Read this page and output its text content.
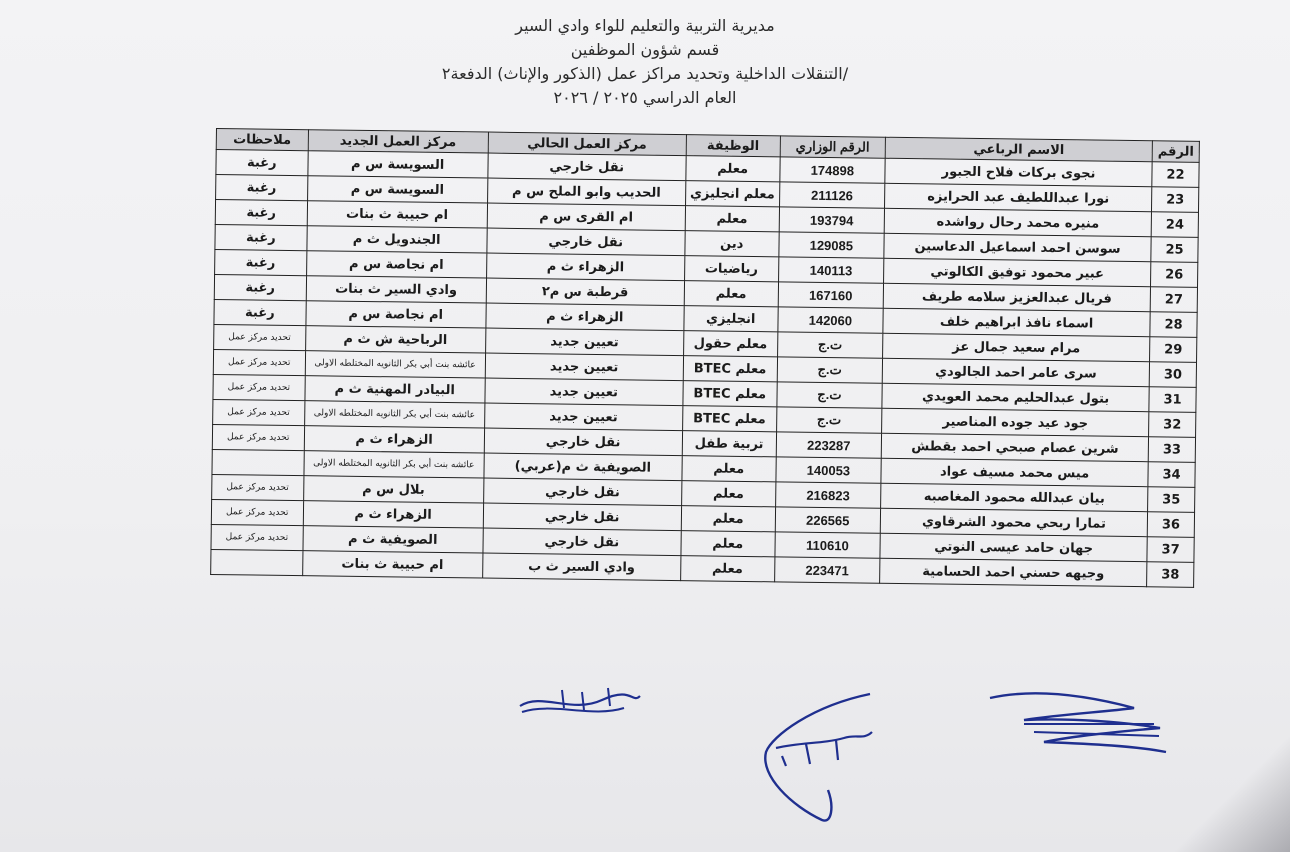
مديرية التربية والتعليم للواء وادي السير
قسم شؤون الموظفين
التنقلات الداخلية وتحديد مراكز عمل (الذكور والإناث) الدفعة٢/
العام الدراسي ٢٠٢٥ / ٢٠٢٦
الرقم	الاسم الرباعي	الرقم الوزاري	الوظيفة	مركز العمل الحالي	مركز العمل الجديد	ملاحظات
22	نجوى بركات فلاح الجبور	174898	معلم	نقل خارجي	السويسة س م	رغبة
23	نورا عبداللطيف عبد الحرايزه	211126	معلم انجليزي	الحديب وابو الملح س م	السويسة س م	رغبة
24	منيره محمد رحال رواشده	193794	معلم	ام القرى س م	ام حبيبة ث بنات	رغبة
25	سوسن احمد اسماعيل الدعاسين	129085	دين	نقل خارجي	الجندويل ث م	رغبة
26	عبير محمود توفيق الكالوتي	140113	رياضيات	الزهراء ث م	ام نجاصة س م	رغبة
27	فريال عبدالعزيز سلامه طريف	167160	معلم	قرطبة س م٢	وادي السير ث بنات	رغبة
28	اسماء نافذ ابراهيم خلف	142060	انجليزي	الزهراء ث م	ام نجاصة س م	رغبة
29	مرام سعيد جمال عز	ت.ج	معلم حقول	تعيين جديد	الرباحية ش ث م	تحديد مركز عمل
30	سرى عامر احمد الجالودي	ت.ج	معلم BTEC	تعيين جديد	عائشه بنت أبي بكر الثانويه المختلطه الاولى	تحديد مركز عمل
31	بتول عبدالحليم محمد العويدي	ت.ج	معلم BTEC	تعيين جديد	البيادر المهنية ث م	تحديد مركز عمل
32	جود عيد جوده المناصير	ت.ج	معلم BTEC	تعيين جديد	عائشه بنت أبي بكر الثانويه المختلطه الاولى	تحديد مركز عمل
33	شرين عصام صبحي احمد بقطش	223287	تربية طفل	نقل خارجي	الزهراء ث م	تحديد مركز عمل
34	ميس محمد مسيف عواد	140053	معلم	الصويفية ث م(عربي)	عائشه بنت أبي بكر الثانويه المختلطه الاولى	
35	بيان عبدالله محمود المغاصبه	216823	معلم	نقل خارجي	بلال س م	تحديد مركز عمل
36	تمارا ربحي محمود الشرقاوي	226565	معلم	نقل خارجي	الزهراء ث م	تحديد مركز عمل
37	جهان حامد عيسى النوتي	110610	معلم	نقل خارجي	الصويفية ث م	تحديد مركز عمل
38	وجيهه حسني احمد الحسامية	223471	معلم	وادي السير ث ب	ام حبيبة ث بنات	
